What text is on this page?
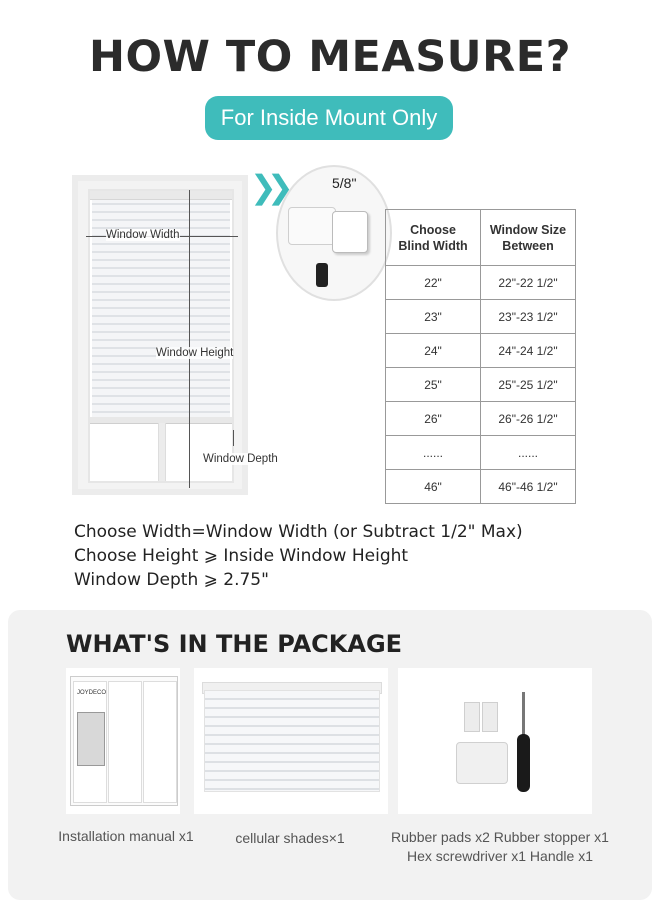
HOW TO MEASURE?
For Inside Mount Only
Window Width
Window Height
Window Depth
❯❯	5/8"
Choose Blind Width	Window Size Between
22"	22"-22 1/2"
23"	23"-23 1/2"
24"	24"-24 1/2"
25"	25"-25 1/2"
26"	26"-26 1/2"
......	......
46"	46"-46 1/2"
Choose Width=Window Width (or Subtract 1/2" Max)
Choose Height ⩾ Inside Window Height
Window Depth ⩾ 2.75"
WHAT'S IN THE PACKAGE
JOYDECO
Installation manual x1	cellular shades×1	Rubber pads x2 Rubber stopper x1
Hex screwdriver x1 Handle x1
